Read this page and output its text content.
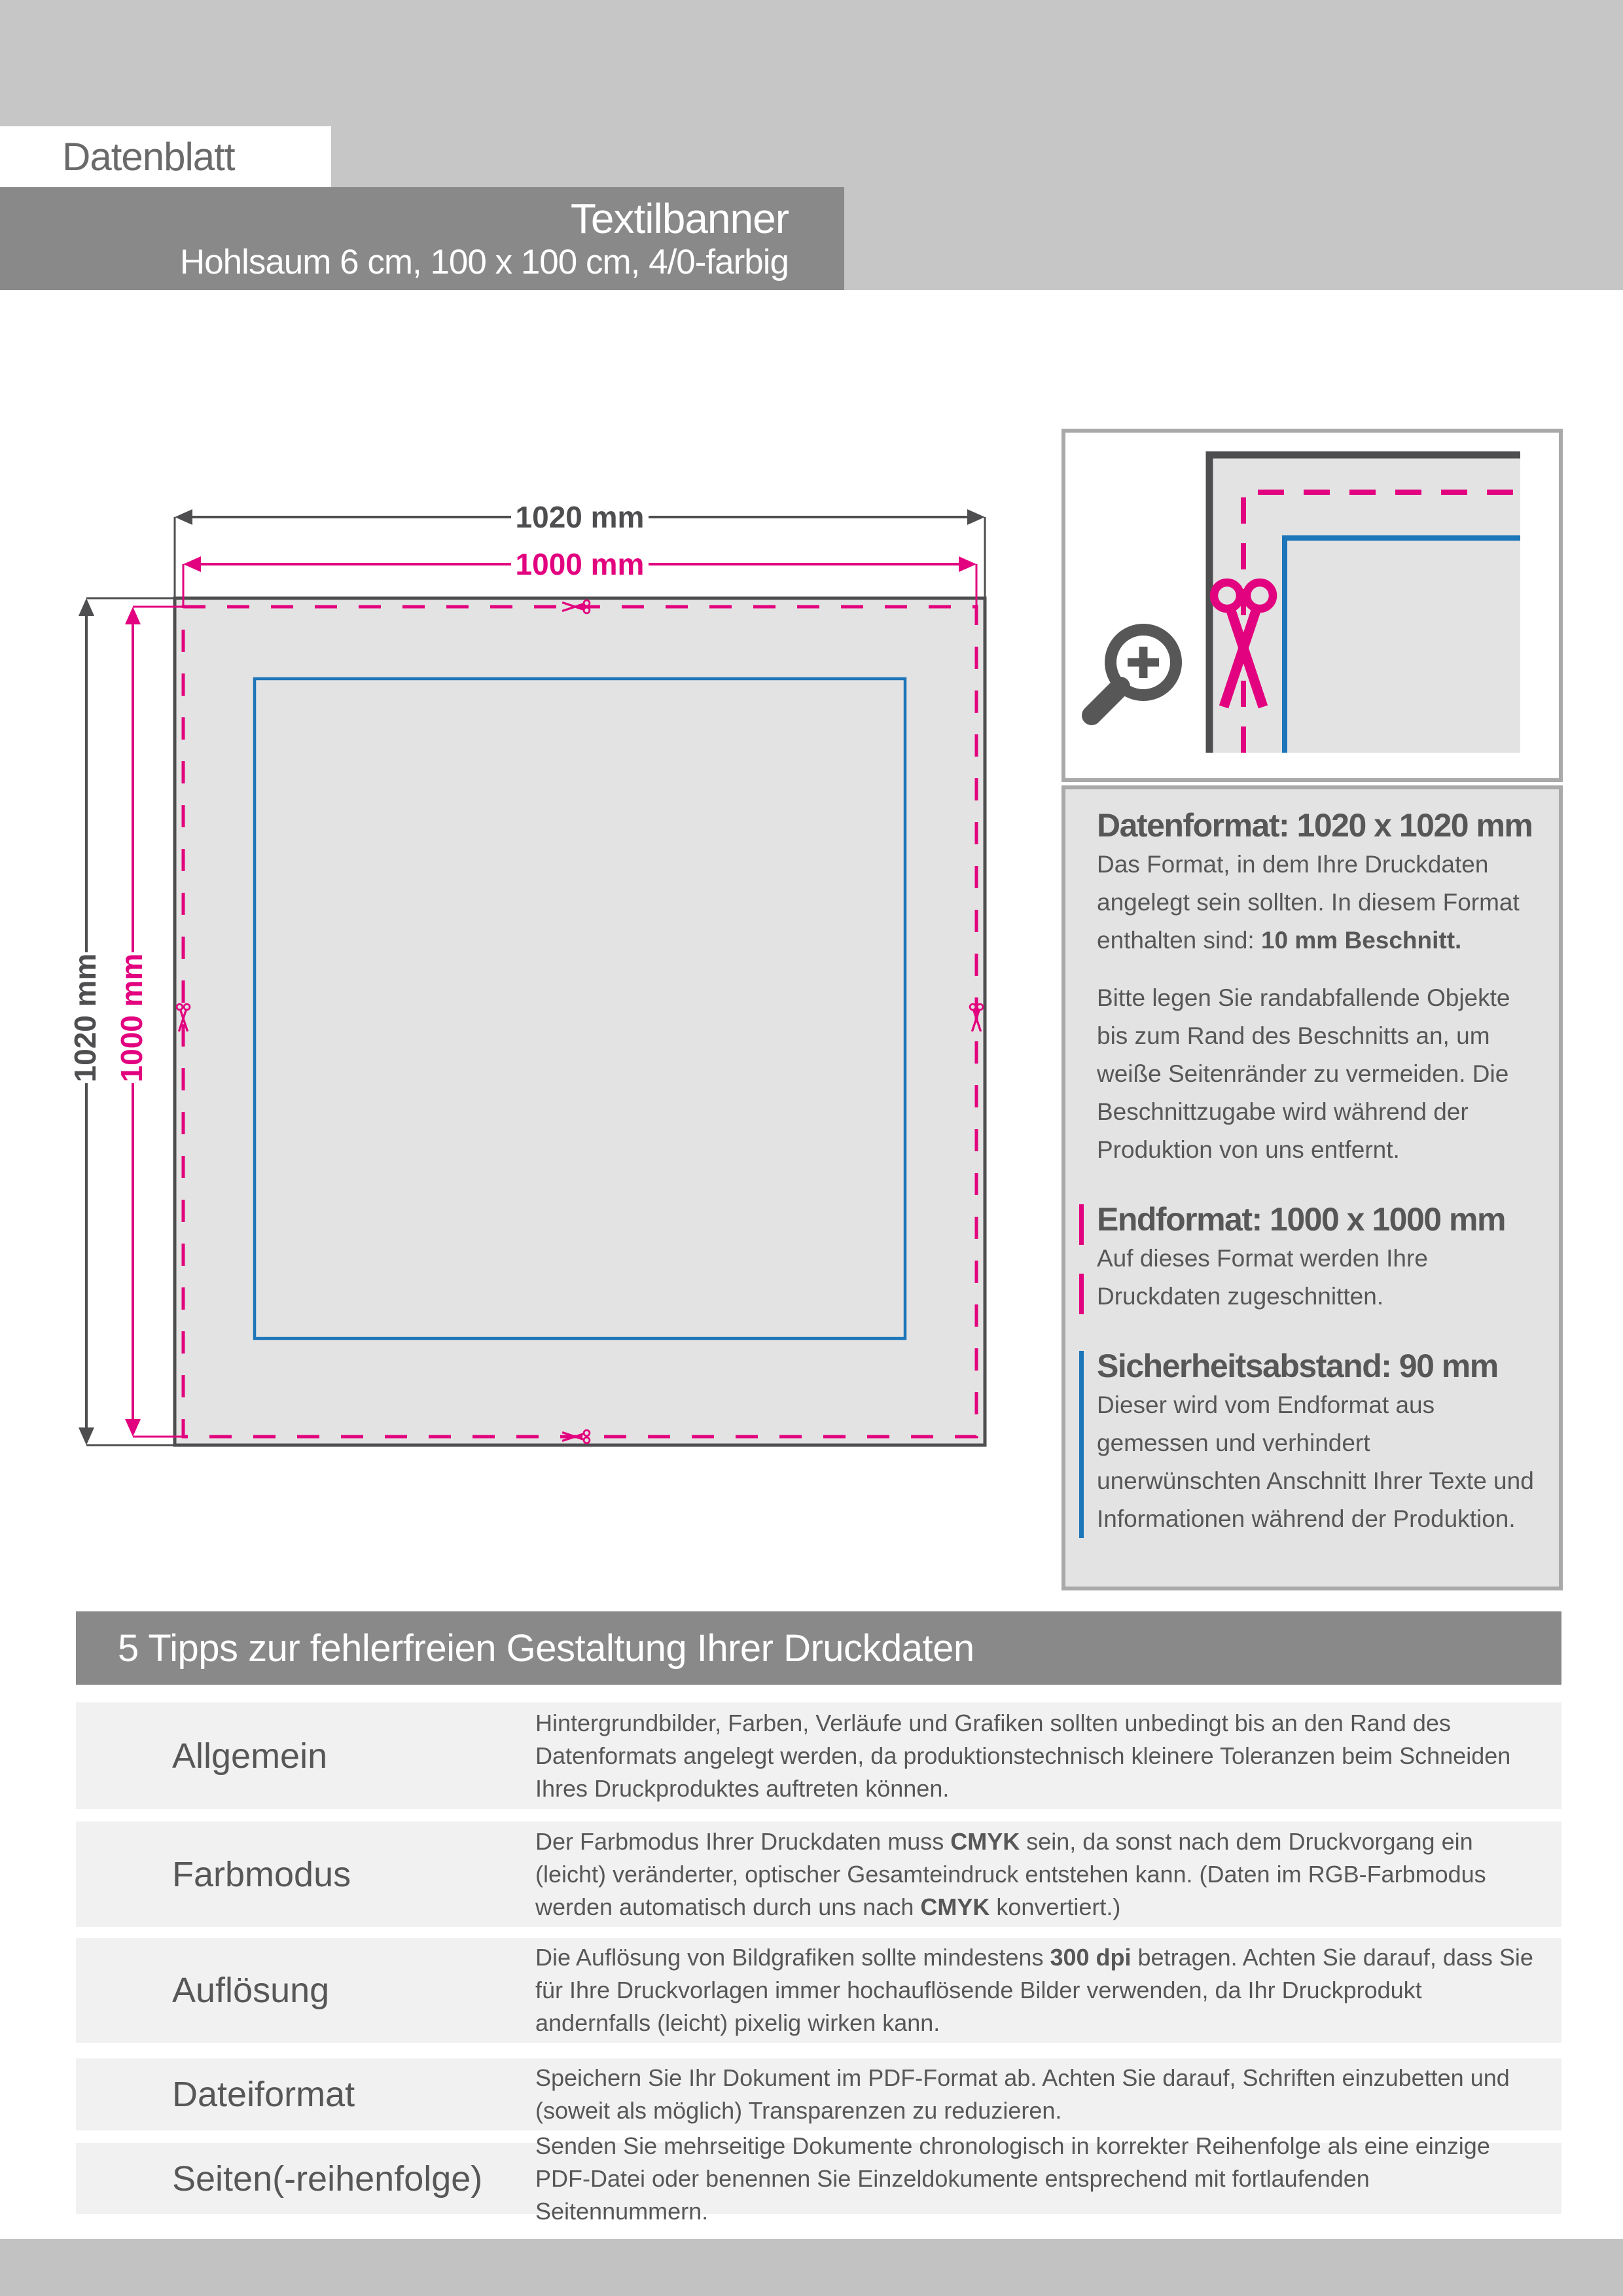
Datenblatt
Textilbanner
Hohlsaum 6 cm, 100 x 100 cm, 4/0-farbig
Datenformat: 1020 x 1020 mm

Das Format, in dem Ihre Druckdaten angelegt sein sollten. In diesem Format enthalten sind: 10 mm Beschnitt.

Bitte legen Sie randabfallende Objekte bis zum Rand des Beschnitts an, um weiße Seitenränder zu vermeiden. Die Beschnittzugabe wird während der Produktion von uns entfernt.

Endformat: 1000 x 1000 mm

Auf dieses Format werden Ihre Druckdaten zugeschnitten.

Sicherheitsabstand: 90 mm

Dieser wird vom Endformat aus gemessen und verhindert unerwünschten Anschnitt Ihrer Texte und Informationen während der Produktion.

5 Tipps zur fehlerfreien Gestaltung Ihrer Druckdaten
Allgemein
Hintergrundbilder, Farben, Verläufe und Grafiken sollten unbedingt bis an den Rand des Datenformats angelegt werden, da produktionstechnisch kleinere Toleranzen beim Schneiden Ihres Druckproduktes auftreten können.
Farbmodus
Der Farbmodus Ihrer Druckdaten muss CMYK sein, da sonst nach dem Druckvorgang ein (leicht) veränderter, optischer Gesamteindruck entstehen kann. (Daten im RGB-Farbmodus werden automatisch durch uns nach CMYK konvertiert.)
Auflösung
Die Auflösung von Bildgrafiken sollte mindestens 300 dpi betragen. Achten Sie darauf, dass Sie für Ihre Druckvorlagen immer hochauflösende Bilder verwenden, da Ihr Druckprodukt andernfalls (leicht) pixelig wirken kann.
Dateiformat	Speichern Sie Ihr Dokument im PDF-Format ab. Achten Sie darauf, Schriften einzubetten und (soweit als möglich) Transparenzen zu reduzieren.
Seiten(-reihenfolge)
Senden Sie mehrseitige Dokumente chronologisch in korrekter Reihenfolge als eine einzige PDF-Datei oder benennen Sie Einzeldokumente entsprechend mit fortlaufenden Seitennummern.
1020 mm
1000 mm
1020 mm 1000 mm
